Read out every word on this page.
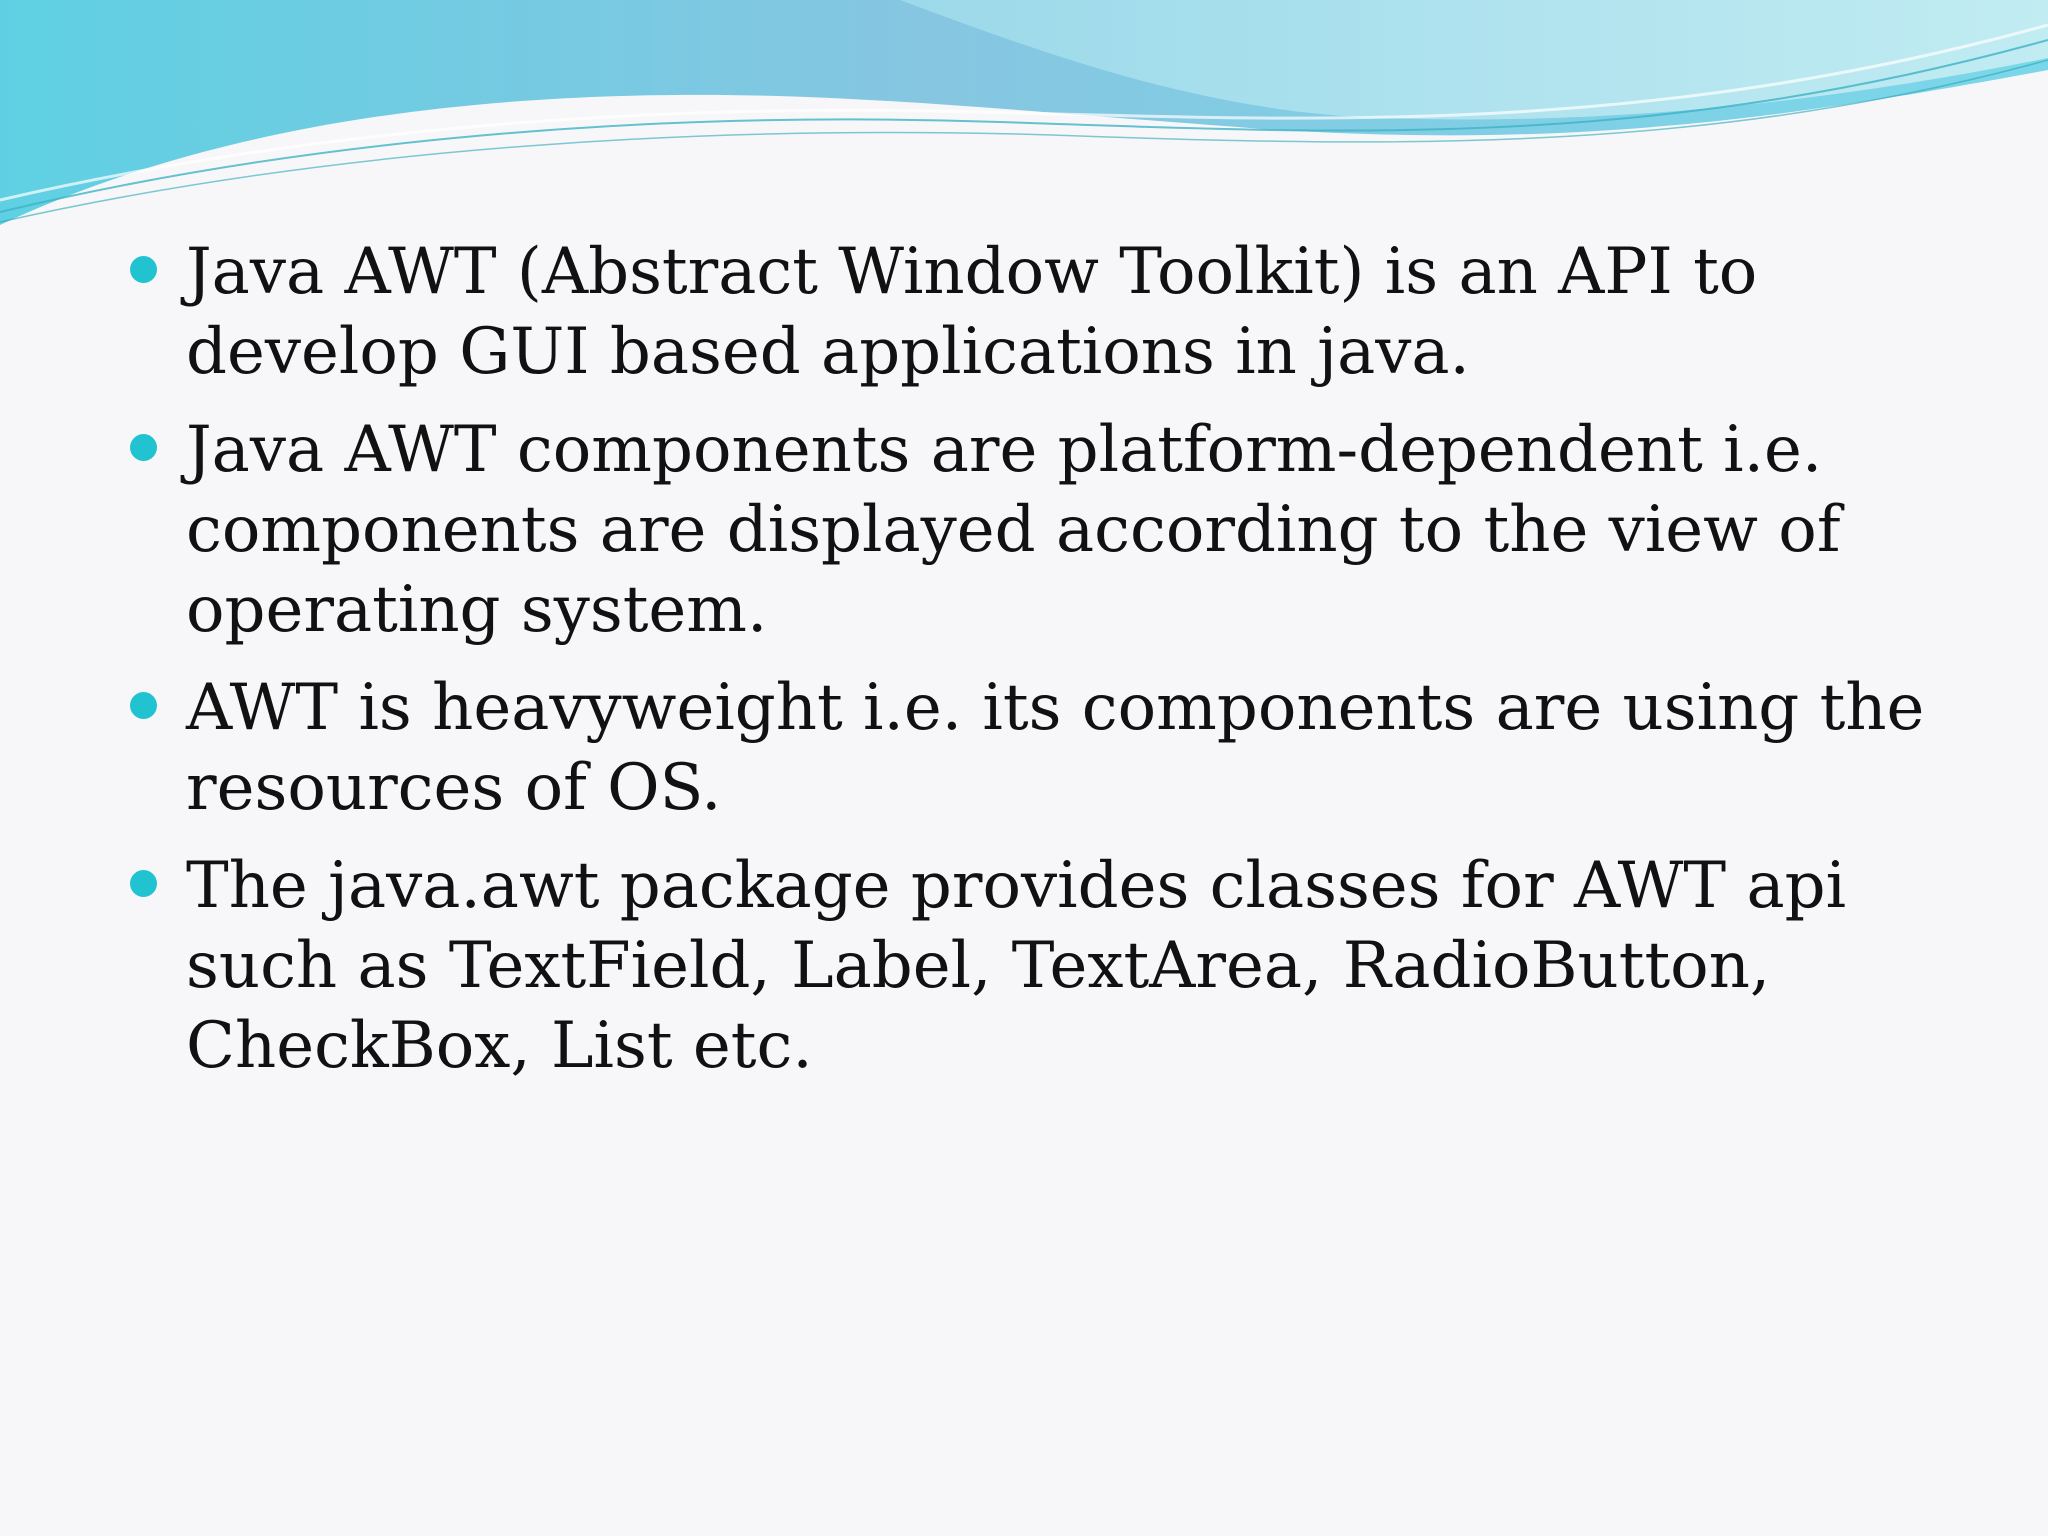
Java AWT (Abstract Window Toolkit) is an API to develop GUI based applications in java.
Java AWT components are platform-dependent i.e. components are displayed according to the view of operating system.
AWT is heavyweight i.e. its components are using the resources of OS.
The java.awt package provides classes for AWT api such as TextField, Label, TextArea, RadioButton, CheckBox, List etc.
